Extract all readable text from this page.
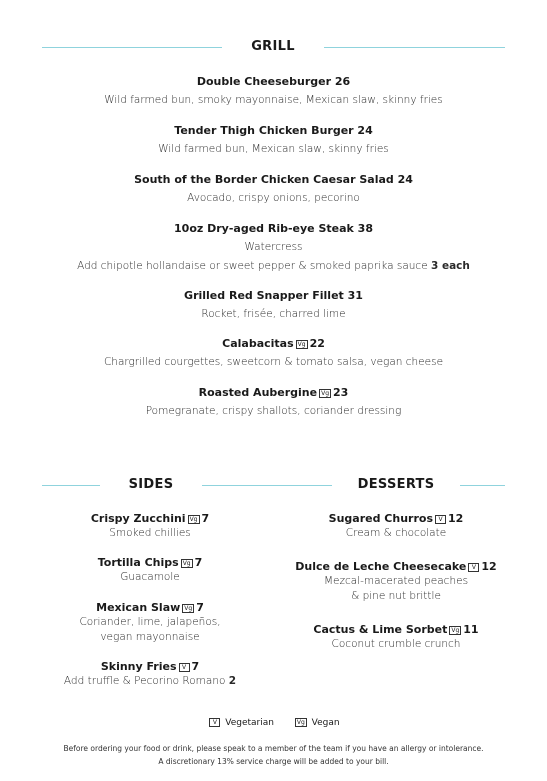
GRILL
Double Cheeseburger 26
Wild farmed bun, smoky mayonnaise, Mexican slaw, skinny fries
Tender Thigh Chicken Burger 24
Wild farmed bun, Mexican slaw, skinny fries
South of the Border Chicken Caesar Salad 24
Avocado, crispy onions, pecorino
10oz Dry-aged Rib-eye Steak 38
Watercress
Add chipotle hollandaise or sweet pepper & smoked paprika sauce 3 each
Grilled Red Snapper Fillet 31
Rocket, frisée, charred lime
Calabacitas Vg 22
Chargrilled courgettes, sweetcorn & tomato salsa, vegan cheese
Roasted Aubergine Vg 23
Pomegranate, crispy shallots, coriander dressing
SIDES	DESSERTS
Crispy Zucchini Vg 7
Smoked chillies
Tortilla Chips Vg 7
Guacamole
Mexican Slaw Vg 7
Coriander, lime, jalapeños,
vegan mayonnaise
Skinny Fries V 7
Add truffle & Pecorino Romano 2
Sugared Churros V 12
Cream & chocolate
Dulce de Leche Cheesecake V 12
Mezcal-macerated peaches
& pine nut brittle
Cactus & Lime Sorbet Vg 11
Coconut crumble crunch
V Vegetarian	Vg Vegan
Before ordering your food or drink, please speak to a member of the team if you have an allergy or intolerance.
A discretionary 13% service charge will be added to your bill.
